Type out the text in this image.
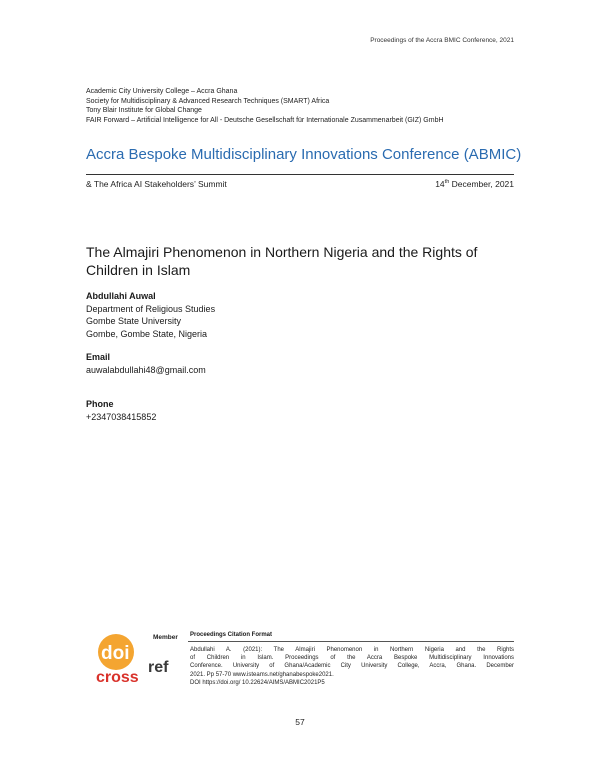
Proceedings of the Accra BMIC Conference, 2021
Academic City University College – Accra Ghana
Society for Multidisciplinary & Advanced Research Techniques (SMART) Africa
Tony Blair Institute for Global Change
FAIR Forward – Artificial Intelligence for All - Deutsche Gesellschaft für Internationale Zusammenarbeit (GIZ) GmbH
Accra Bespoke Multidisciplinary Innovations Conference (ABMIC)
& The Africa AI Stakeholders’ Summit	14th December, 2021
The Almajiri Phenomenon in Northern Nigeria and the Rights of Children in Islam
Abdullahi Auwal
Department of Religious Studies
Gombe State University
Gombe, Gombe State, Nigeria
Email
auwalabdullahi48@gmail.com
Phone
+2347038415852
doi
cross
ref
Member Proceedings Citation Format
Abdullahi A. (2021): The Almajiri Phenomenon in Northern Nigeria and the Rights
of Children in Islam. Proceedings of the Accra Bespoke Multidisciplinary Innovations
Conference. University of Ghana/Academic City University College, Accra, Ghana. December
2021. Pp 57-70 www.isteams.net/ghanabespoke2021.
DOI https://doi.org/ 10.22624/AIMS/ABMIC2021P5
57
